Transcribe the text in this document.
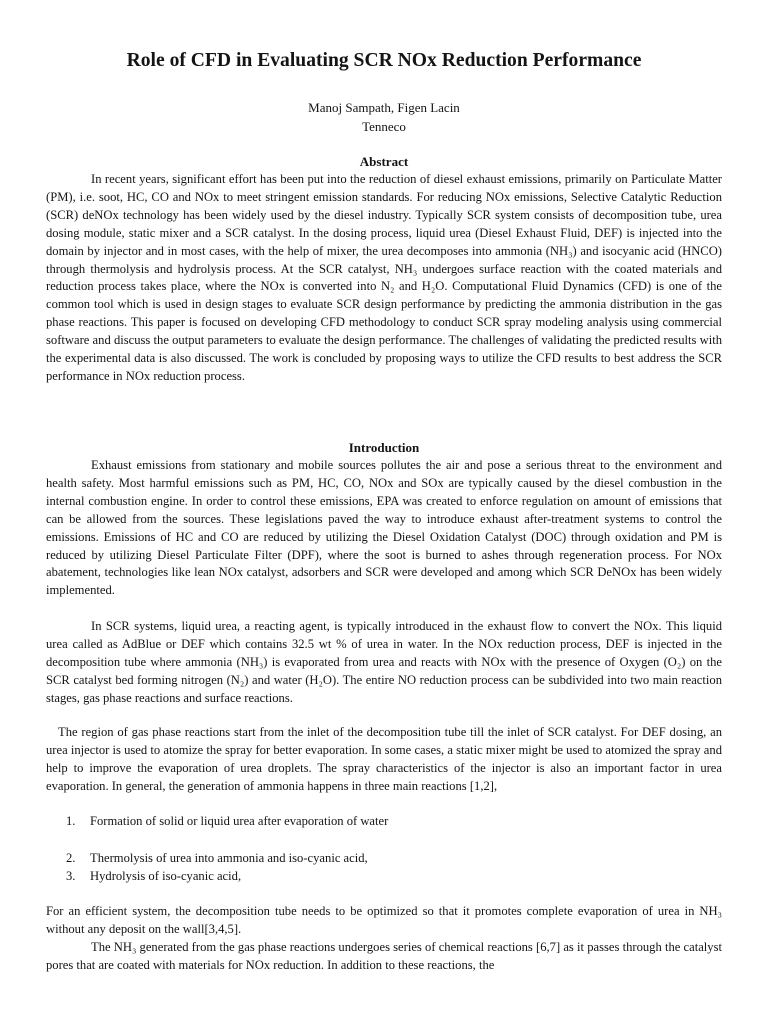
Role of CFD in Evaluating SCR NOx Reduction Performance
Manoj Sampath, Figen Lacin
Tenneco
Abstract

In recent years, significant effort has been put into the reduction of diesel exhaust emissions, primarily on Particulate Matter (PM), i.e. soot, HC, CO and NOx to meet stringent emission standards. For reducing NOx emissions, Selective Catalytic Reduction (SCR) deNOx technology has been widely used by the diesel industry. Typically SCR system consists of decomposition tube, urea dosing module, static mixer and a SCR catalyst. In the dosing process, liquid urea (Diesel Exhaust Fluid, DEF) is injected into the domain by injector and in most cases, with the help of mixer, the urea decomposes into ammonia (NH₃) and isocyanic acid (HNCO) through thermolysis and hydrolysis process. At the SCR catalyst, NH₃ undergoes surface reaction with the coated materials and reduction process takes place, where the NOx is converted into N₂ and H₂O. Computational Fluid Dynamics (CFD) is one of the common tool which is used in design stages to evaluate SCR design performance by predicting the ammonia distribution in the gas phase reactions. This paper is focused on developing CFD methodology to conduct SCR spray modeling analysis using commercial software and discuss the output parameters to evaluate the design performance. The challenges of validating the predicted results with the experimental data is also discussed. The work is concluded by proposing ways to utilize the CFD results to best address the SCR performance in NOx reduction process.

Introduction

Exhaust emissions from stationary and mobile sources pollutes the air and pose a serious threat to the environment and health safety. Most harmful emissions such as PM, HC, CO, NOx and SOx are typically caused by the diesel combustion in the internal combustion engine. In order to control these emissions, EPA was created to enforce regulation on amount of emissions that can be allowed from the sources. These legislations paved the way to introduce exhaust after-treatment systems to control the emissions. Emissions of HC and CO are reduced by utilizing the Diesel Oxidation Catalyst (DOC) through oxidation and PM is reduced by utilizing Diesel Particulate Filter (DPF), where the soot is burned to ashes through regeneration process. For NOx abatement, technologies like lean NOx catalyst, adsorbers and SCR were developed and among which SCR DeNOx has been widely implemented.

In SCR systems, liquid urea, a reacting agent, is typically introduced in the exhaust flow to convert the NOx. This liquid urea called as AdBlue or DEF which contains 32.5 wt % of urea in water. In the NOx reduction process, DEF is injected in the decomposition tube where ammonia (NH₃) is evaporated from urea and reacts with NOx with the presence of Oxygen (O₂) on the SCR catalyst bed forming nitrogen (N₂) and water (H₂O). The entire NO reduction process can be subdivided into two main reaction stages, gas phase reactions and surface reactions.

The region of gas phase reactions start from the inlet of the decomposition tube till the inlet of SCR catalyst. For DEF dosing, an urea injector is used to atomize the spray for better evaporation. In some cases, a static mixer might be used to atomized the spray and help to improve the evaporation of urea droplets. The spray characteristics of the injector is also an important factor in urea evaporation. In general, the generation of ammonia happens in three main reactions [1,2],

1. Formation of solid or liquid urea after evaporation of water
2. Thermolysis of urea into ammonia and iso-cyanic acid,
3. Hydrolysis of iso-cyanic acid,

For an efficient system, the decomposition tube needs to be optimized so that it promotes complete evaporation of urea in NH₃ without any deposit on the wall[3,4,5].

The NH₃ generated from the gas phase reactions undergoes series of chemical reactions [6,7] as it passes through the catalyst pores that are coated with materials for NOx reduction. In addition to these reactions, the
